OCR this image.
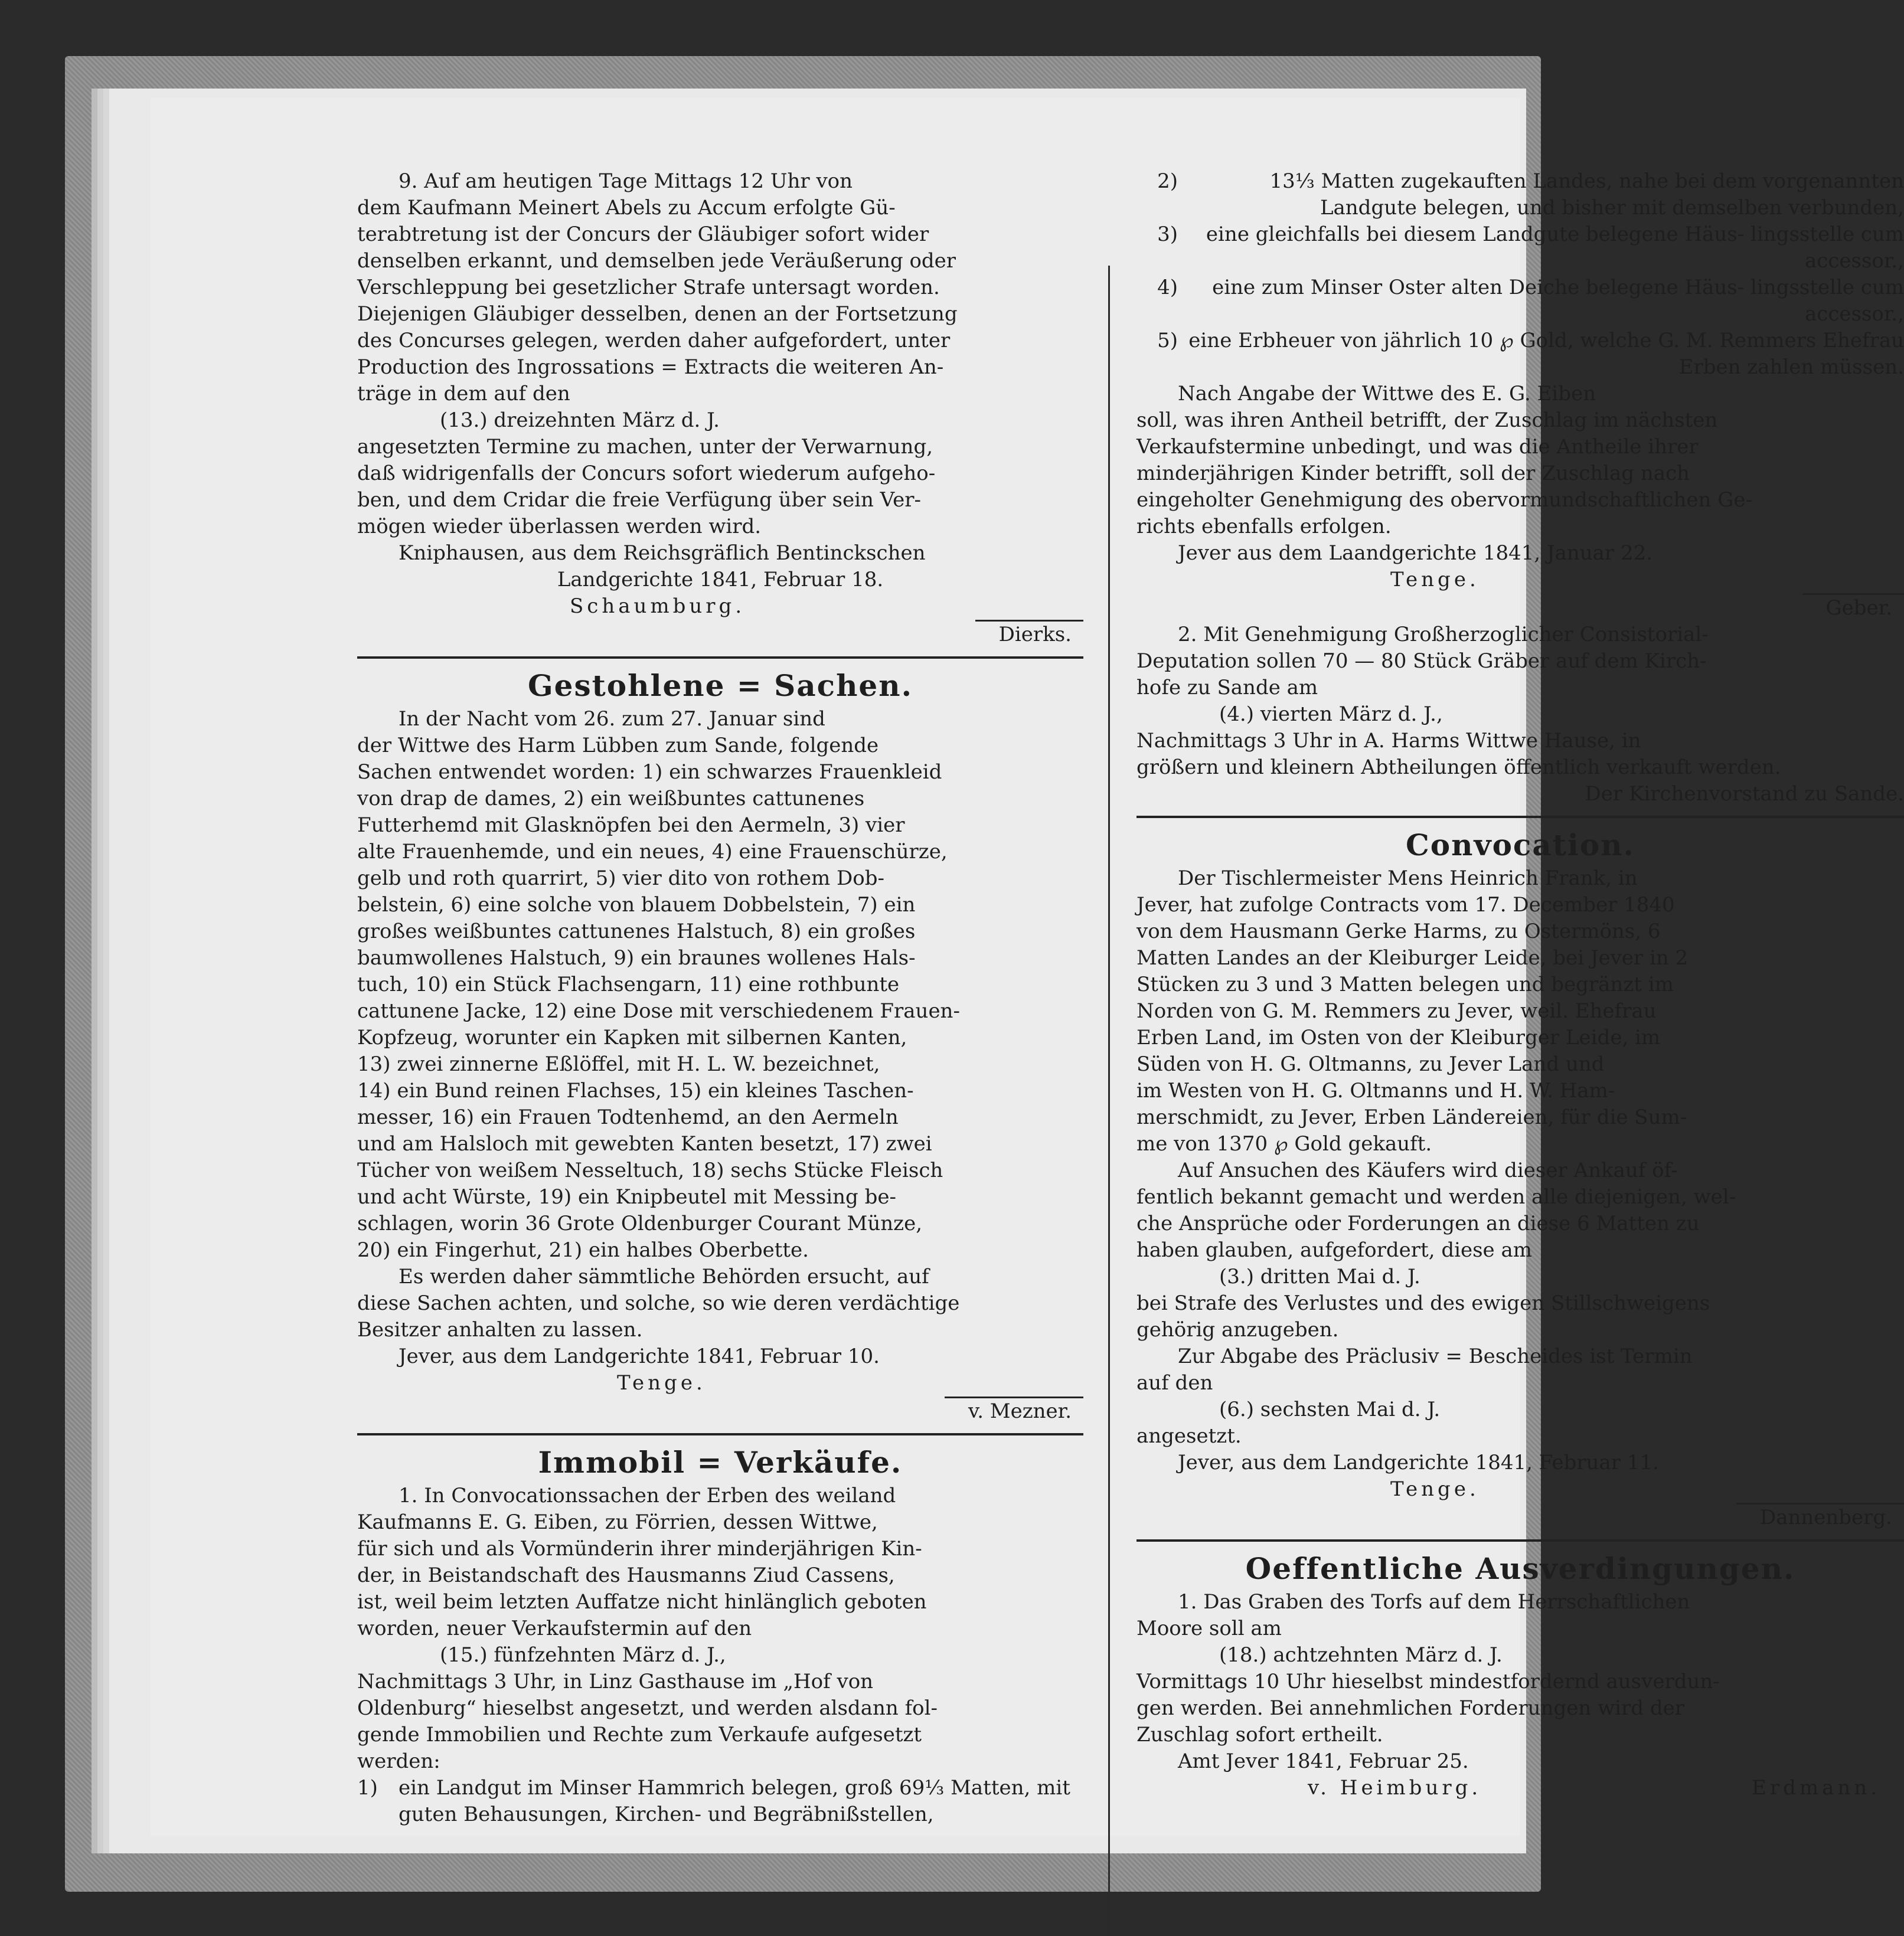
9. Auf am heutigen Tage Mittags 12 Uhr von
dem Kaufmann Meinert Abels zu Accum erfolgte Gü-
terabtretung ist der Concurs der Gläubiger sofort wider
denselben erkannt, und demselben jede Veräußerung oder
Verschleppung bei gesetzlicher Strafe untersagt worden.
Diejenigen Gläubiger desselben, denen an der Fortsetzung
des Concurses gelegen, werden daher aufgefordert, unter
Production des Ingrossations = Extracts die weiteren An-
träge in dem auf den
(13.) dreizehnten März d. J.
angesetzten Termine zu machen, unter der Verwarnung,
daß widrigenfalls der Concurs sofort wiederum aufgeho-
ben, und dem Cridar die freie Verfügung über sein Ver-
mögen wieder überlassen werden wird.
Kniphausen, aus dem Reichsgräflich Bentinckschen
Landgerichte 1841, Februar 18.
Schaumburg.
Dierks.
Gestohlene = Sachen.
In der Nacht vom 26. zum 27. Januar sind
der Wittwe des Harm Lübben zum Sande, folgende
Sachen entwendet worden: 1) ein schwarzes Frauenkleid
von drap de dames, 2) ein weißbuntes cattunenes
Futterhemd mit Glasknöpfen bei den Aermeln, 3) vier
alte Frauenhemde, und ein neues, 4) eine Frauenschürze,
gelb und roth quarrirt, 5) vier dito von rothem Dob-
belstein, 6) eine solche von blauem Dobbelstein, 7) ein
großes weißbuntes cattunenes Halstuch, 8) ein großes
baumwollenes Halstuch, 9) ein braunes wollenes Hals-
tuch, 10) ein Stück Flachsengarn, 11) eine rothbunte
cattunene Jacke, 12) eine Dose mit verschiedenem Frauen-
Kopfzeug, worunter ein Kapken mit silbernen Kanten,
13) zwei zinnerne Eßlöffel, mit H. L. W. bezeichnet,
14) ein Bund reinen Flachses, 15) ein kleines Taschen-
messer, 16) ein Frauen Todtenhemd, an den Aermeln
und am Halsloch mit gewebten Kanten besetzt, 17) zwei
Tücher von weißem Nesseltuch, 18) sechs Stücke Fleisch
und acht Würste, 19) ein Knipbeutel mit Messing be-
schlagen, worin 36 Grote Oldenburger Courant Münze,
20) ein Fingerhut, 21) ein halbes Oberbette.
Es werden daher sämmtliche Behörden ersucht, auf
diese Sachen achten, und solche, so wie deren verdächtige
Besitzer anhalten zu lassen.
Jever, aus dem Landgerichte 1841, Februar 10.
Tenge.
v. Mezner.
Immobil = Verkäufe.
1. In Convocationssachen der Erben des weiland
Kaufmanns E. G. Eiben, zu Förrien, dessen Wittwe,
für sich und als Vormünderin ihrer minderjährigen Kin-
der, in Beistandschaft des Hausmanns Ziud Cassens,
ist, weil beim letzten Auffatze nicht hinlänglich geboten
worden, neuer Verkaufstermin auf den
(15.) fünfzehnten März d. J.,
Nachmittags 3 Uhr, in Linz Gasthause im „Hof von
Oldenburg“ hieselbst angesetzt, und werden alsdann fol-
gende Immobilien und Rechte zum Verkaufe aufgesetzt
werden:
1)	ein Landgut im Minser Hammrich belegen, groß 69⅓ Matten, mit guten Behausungen, Kirchen- und Begräbnißstellen,
2)	13⅓ Matten zugekauften Landes, nahe bei dem vorgenannten Landgute belegen, und bisher mit demselben verbunden,
3)	eine gleichfalls bei diesem Landgute belegene Häus- lingsstelle cum accessor.,
4)	eine zum Minser Oster alten Deiche belegene Häus- lingsstelle cum accessor.,
5) eine Erbheuer von jährlich 10 ℘ Gold, welche G. M. Remmers Ehefrau Erben zahlen müssen.
Nach Angabe der Wittwe des E. G. Eiben
soll, was ihren Antheil betrifft, der Zuschlag im nächsten
Verkaufstermine unbedingt, und was die Antheile ihrer
minderjährigen Kinder betrifft, soll der Zuschlag nach
eingeholter Genehmigung des obervormundschaftlichen Ge-
richts ebenfalls erfolgen.
Jever aus dem Laandgerichte 1841, Januar 22.
Tenge.
Geber.
2. Mit Genehmigung Großherzoglicher Consistorial-
Deputation sollen 70 — 80 Stück Gräber auf dem Kirch-
hofe zu Sande am
(4.) vierten März d. J.,
Nachmittags 3 Uhr in A. Harms Wittwe Hause, in
größern und kleinern Abtheilungen öffentlich verkauft werden.
Der Kirchenvorstand zu Sande.
Convocation.
Der Tischlermeister Mens Heinrich Frank, in
Jever, hat zufolge Contracts vom 17. December 1840
von dem Hausmann Gerke Harms, zu Ostermöns, 6
Matten Landes an der Kleiburger Leide, bei Jever in 2
Stücken zu 3 und 3 Matten belegen und begränzt im
Norden von G. M. Remmers zu Jever, weil. Ehefrau
Erben Land, im Osten von der Kleiburger Leide, im
Süden von H. G. Oltmanns, zu Jever Land und
im Westen von H. G. Oltmanns und H. W. Ham-
merschmidt, zu Jever, Erben Ländereien, für die Sum-
me von 1370 ℘ Gold gekauft.
Auf Ansuchen des Käufers wird dieser Ankauf öf-
fentlich bekannt gemacht und werden alle diejenigen, wel-
che Ansprüche oder Forderungen an diese 6 Matten zu
haben glauben, aufgefordert, diese am
(3.) dritten Mai d. J.
bei Strafe des Verlustes und des ewigen Stillschweigens
gehörig anzugeben.
Zur Abgabe des Präclusiv = Bescheides ist Termin
auf den
(6.) sechsten Mai d. J.
angesetzt.
Jever, aus dem Landgerichte 1841, Februar 11.
Tenge.
Dannenberg.
Oeffentliche Ausverdingungen.
1. Das Graben des Torfs auf dem Herrschaftlichen
Moore soll am
(18.) achtzehnten März d. J.
Vormittags 10 Uhr hieselbst mindestfordernd ausverdun-
gen werden. Bei annehmlichen Forderungen wird der
Zuschlag sofort ertheilt.
Amt Jever 1841, Februar 25.
v. Heimburg.	Erdmann.
